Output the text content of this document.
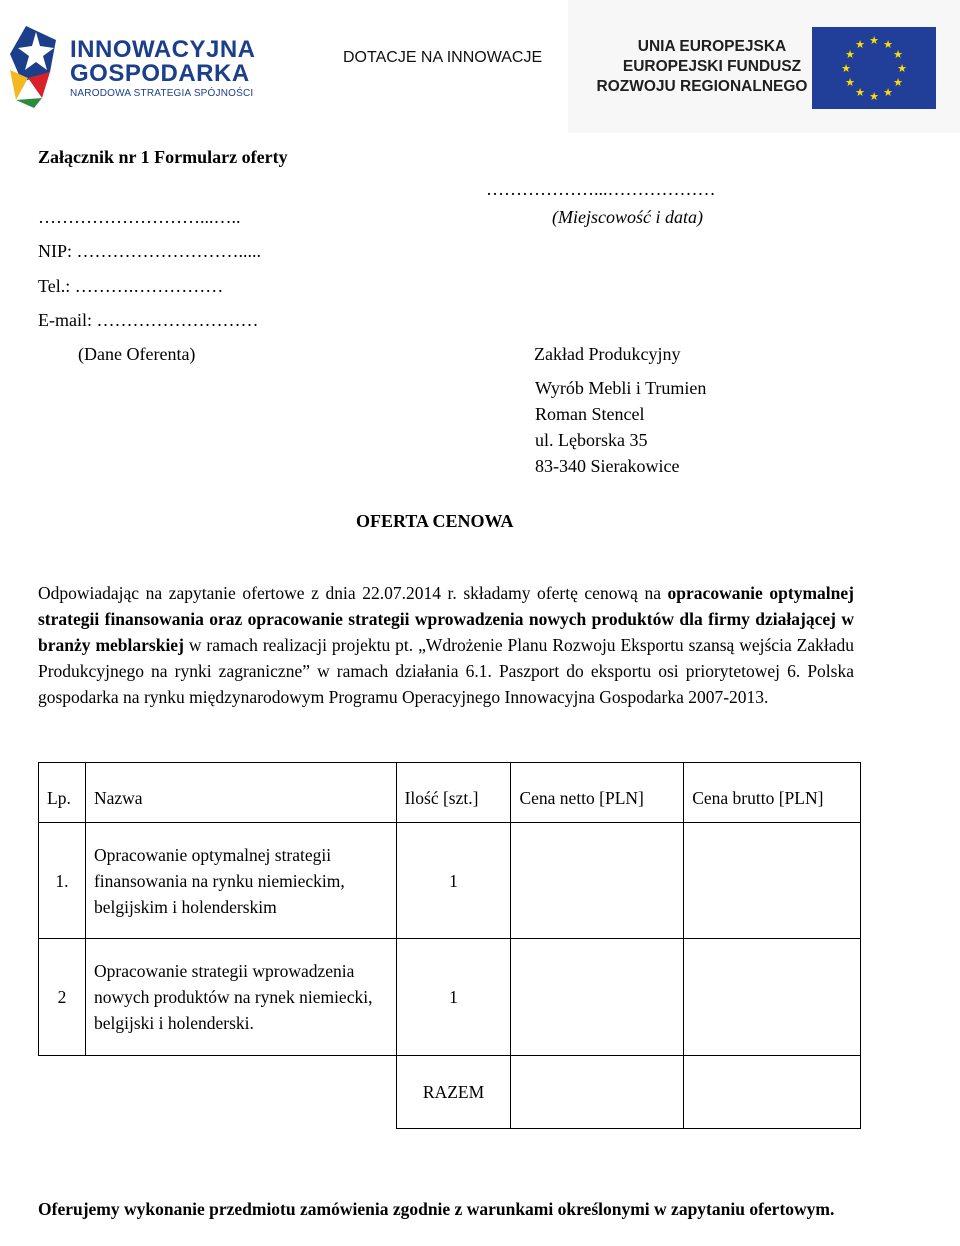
INNOWACYJNA
GOSPODARKA
NARODOWA STRATEGIA SPÓJNOŚCI
DOTACJE NA INNOWACJE
UNIA EUROPEJSKA
EUROPEJSKI FUNDUSZ
ROZWOJU REGIONALNEGO
★ ★
★
★
★
★
★
★
★
★
★
★
Załącznik nr 1 Formularz oferty
………………...………………
(Miejscowość i data)
………………………...…..
NIP: ……………………….....
Tel.: ……….……………
E-mail: ………………………
(Dane Oferenta)	Zakład Produkcyjny
Wyrób Mebli i Trumien
Roman Stencel
ul. Lęborska 35
83-340 Sierakowice
OFERTA CENOWA
Odpowiadając na zapytanie ofertowe z dnia 22.07.2014 r. składamy ofertę cenową na opracowanie optymalnej strategii finansowania oraz opracowanie strategii wprowadzenia nowych produktów dla firmy działającej w branży meblarskiej w ramach realizacji projektu pt. „Wdrożenie Planu Rozwoju Eksportu szansą wejścia Zakładu Produkcyjnego na rynki zagraniczne” w ramach działania 6.1. Paszport do eksportu osi priorytetowej 6. Polska gospodarka na rynku międzynarodowym Programu Operacyjnego Innowacyjna Gospodarka 2007-2013.
Lp.	Nazwa	Ilość [szt.]	Cena netto [PLN]	Cena brutto [PLN]
1.	Opracowanie optymalnej strategii finansowania na rynku niemieckim, belgijskim i holenderskim	1		
2	Opracowanie strategii wprowadzenia nowych produktów na rynek niemiecki, belgijski i holenderski.	1		
		RAZEM		
Oferujemy wykonanie przedmiotu zamówienia zgodnie z warunkami określonymi w zapytaniu ofertowym.
